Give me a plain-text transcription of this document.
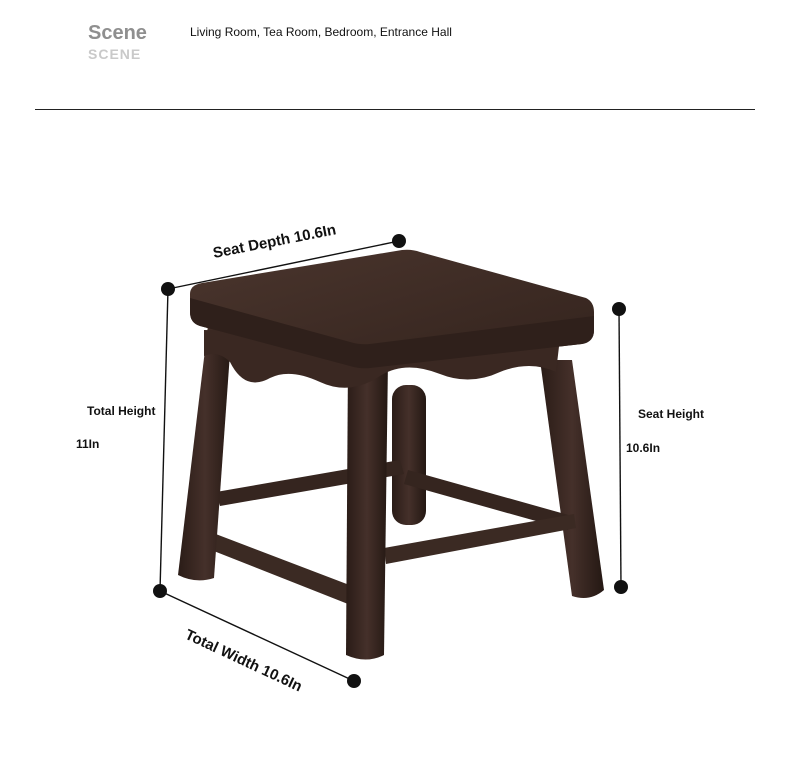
Scene
SCENE
Living Room, Tea Room, Bedroom, Entrance Hall
Seat Depth 10.6In
Total Width 10.6In
Total Height
11In
Seat Height
10.6In
